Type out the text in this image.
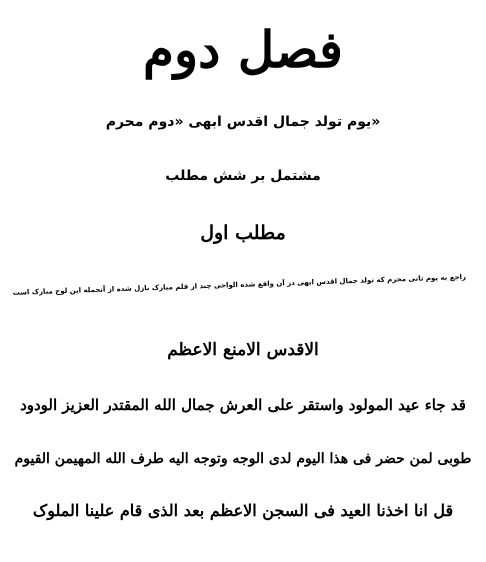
فصل دوم
«یوم تولد جمال اقدس ابهی «دوم محرم
مشتمل بر شش مطلب
مطلب اول
راجع به یوم ثانی محرم که تولد جمال اقدس ابهی در آن واقع شده الواحی چند از قلم مبارک نازل شده از آنجمله این لوح مبارک است
الاقدس الامنع الاعظم
قد جاء عید المولود واستقر علی العرش جمال الله المقتدر العزیز الودود
طوبی لمن حضر فی هذا الیوم لدی الوجه وتوجه الیه طرف الله المهیمن القیوم
قل انا اخذنا العید فی السجن الاعظم بعد الذی قام علینا الملوک
